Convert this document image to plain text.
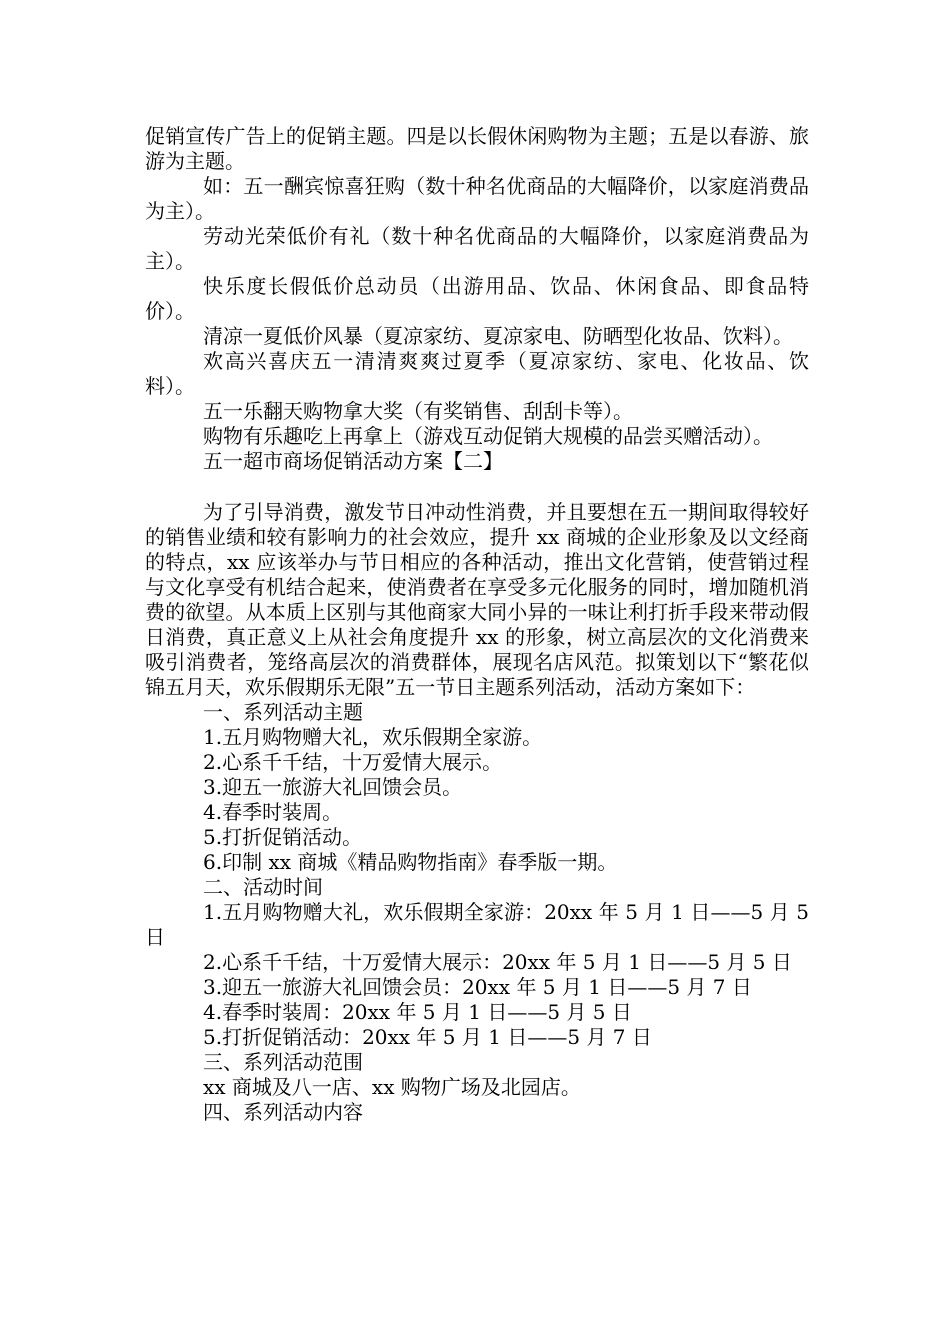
促销宣传广告上的促销主题。四是以长假休闲购物为主题；五是以春游、旅游为主题。

如：五一酬宾惊喜狂购（数十种名优商品的大幅降价，以家庭消费品为主）。

劳动光荣低价有礼（数十种名优商品的大幅降价，以家庭消费品为主）。

快乐度长假低价总动员（出游用品、饮品、休闲食品、即食品特价）。

清凉一夏低价风暴（夏凉家纺、夏凉家电、防晒型化妆品、饮料）。

欢高兴喜庆五一清清爽爽过夏季（夏凉家纺、家电、化妆品、饮料）。

五一乐翻天购物拿大奖（有奖销售、刮刮卡等）。

购物有乐趣吃上再拿上（游戏互动促销大规模的品尝买赠活动）。

五一超市商场促销活动方案【二】

为了引导消费，激发节日冲动性消费，并且要想在五一期间取得较好的销售业绩和较有影响力的社会效应，提升 xx 商城的企业形象及以文经商的特点，xx 应该举办与节日相应的各种活动，推出文化营销，使营销过程与文化享受有机结合起来，使消费者在享受多元化服务的同时，增加随机消费的欲望。从本质上区别与其他商家大同小异的一味让利打折手段来带动假日消费，真正意义上从社会角度提升 xx 的形象，树立高层次的文化消费来吸引消费者，笼络高层次的消费群体，展现名店风范。拟策划以下“繁花似锦五月天，欢乐假期乐无限”五一节日主题系列活动，活动方案如下：

一、系列活动主题

1.五月购物赠大礼，欢乐假期全家游。

2.心系千千结，十万爱情大展示。

3.迎五一旅游大礼回馈会员。

4.春季时装周。

5.打折促销活动。

6.印制 xx 商城《精品购物指南》春季版一期。

二、活动时间

1.五月购物赠大礼，欢乐假期全家游：20xx 年 5 月 1 日——5 月 5 日

2.心系千千结，十万爱情大展示：20xx 年 5 月 1 日——5 月 5 日

3.迎五一旅游大礼回馈会员：20xx 年 5 月 1 日——5 月 7 日

4.春季时装周：20xx 年 5 月 1 日——5 月 5 日

5.打折促销活动：20xx 年 5 月 1 日——5 月 7 日

三、系列活动范围

xx 商城及八一店、xx 购物广场及北园店。

四、系列活动内容
